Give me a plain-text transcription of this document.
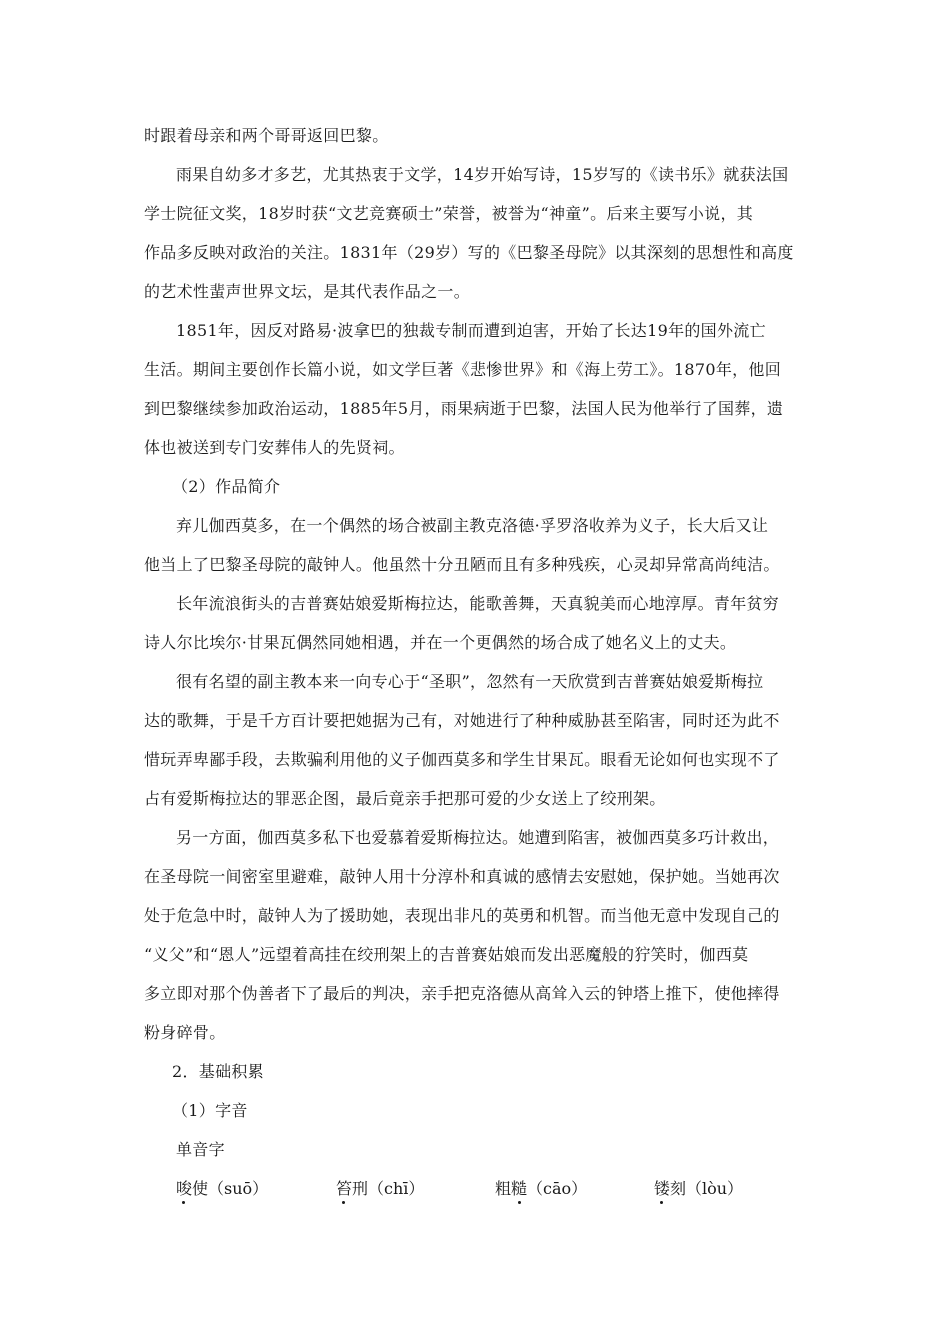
时跟着母亲和两个哥哥返回巴黎。
雨果自幼多才多艺，尤其热衷于文学，14岁开始写诗，15岁写的《读书乐》就获法国
学士院征文奖，18岁时获“文艺竞赛硕士”荣誉，被誉为“神童”。后来主要写小说，其
作品多反映对政治的关注。1831年（29岁）写的《巴黎圣母院》以其深刻的思想性和高度
的艺术性蜚声世界文坛，是其代表作品之一。
1851年，因反对路易·波拿巴的独裁专制而遭到迫害，开始了长达19年的国外流亡
生活。期间主要创作长篇小说，如文学巨著《悲惨世界》和《海上劳工》。1870年，他回
到巴黎继续参加政治运动，1885年5月，雨果病逝于巴黎，法国人民为他举行了国葬，遗
体也被送到专门安葬伟人的先贤祠。
（2）作品简介
弃儿伽西莫多，在一个偶然的场合被副主教克洛德·孚罗洛收养为义子，长大后又让
他当上了巴黎圣母院的敲钟人。他虽然十分丑陋而且有多种残疾，心灵却异常高尚纯洁。
长年流浪街头的吉普赛姑娘爱斯梅拉达，能歌善舞，天真貌美而心地淳厚。青年贫穷
诗人尔比埃尔·甘果瓦偶然同她相遇，并在一个更偶然的场合成了她名义上的丈夫。
很有名望的副主教本来一向专心于“圣职”，忽然有一天欣赏到吉普赛姑娘爱斯梅拉
达的歌舞，于是千方百计要把她据为己有，对她进行了种种威胁甚至陷害，同时还为此不
惜玩弄卑鄙手段，去欺骗利用他的义子伽西莫多和学生甘果瓦。眼看无论如何也实现不了
占有爱斯梅拉达的罪恶企图，最后竟亲手把那可爱的少女送上了绞刑架。
另一方面，伽西莫多私下也爱慕着爱斯梅拉达。她遭到陷害，被伽西莫多巧计救出，
在圣母院一间密室里避难，敲钟人用十分淳朴和真诚的感情去安慰她，保护她。当她再次
处于危急中时，敲钟人为了援助她，表现出非凡的英勇和机智。而当他无意中发现自己的
“义父”和“恩人”远望着高挂在绞刑架上的吉普赛姑娘而发出恶魔般的狞笑时，伽西莫
多立即对那个伪善者下了最后的判决，亲手把克洛德从高耸入云的钟塔上推下，使他摔得
粉身碎骨。
2．基础积累
（1）字音
单音字
唆使（suō）	笞刑（chī）	粗糙（cāo）	镂刻（lòu）
